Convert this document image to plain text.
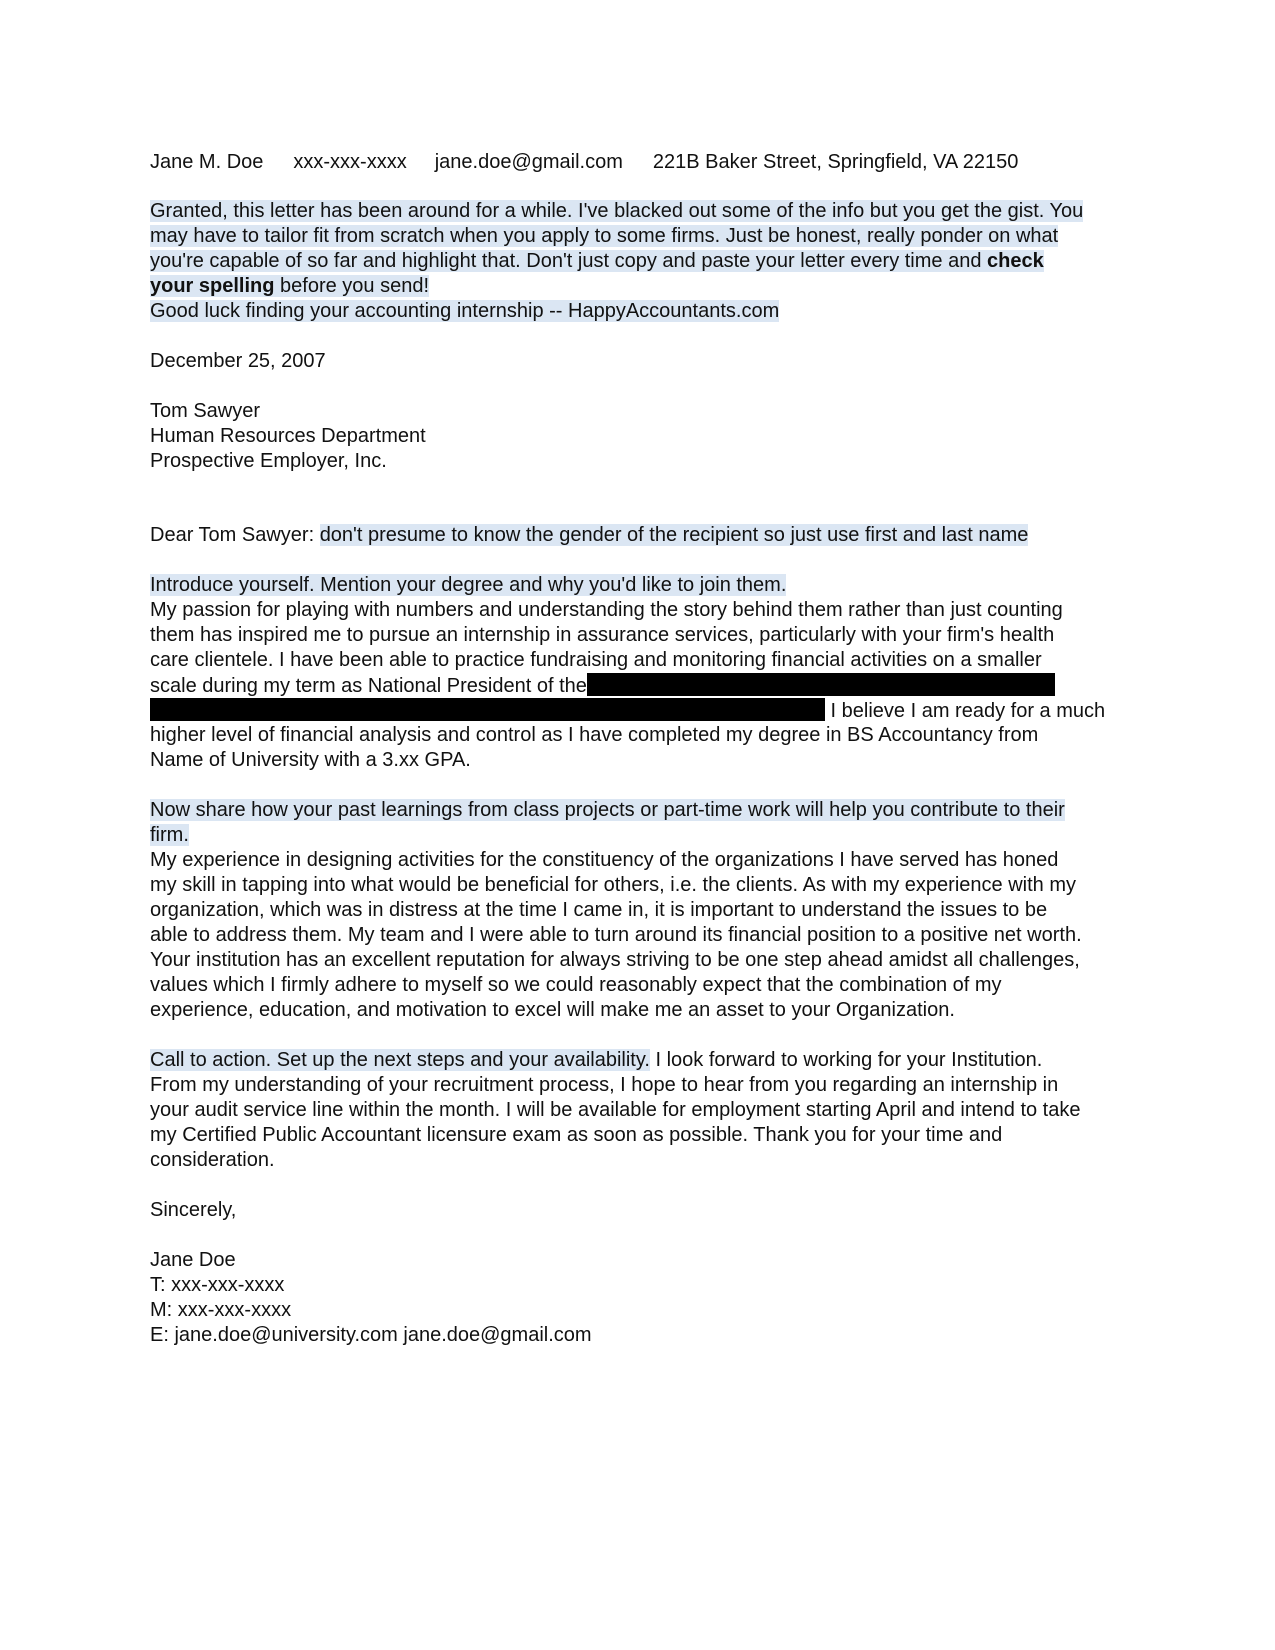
Jane M. Doe xxx-xxx-xxxx jane.doe@gmail.com 221B Baker Street, Springfield, VA 22150
Granted, this letter has been around for a while. I've blacked out some of the info but you get the gist. You
may have to tailor fit from scratch when you apply to some firms. Just be honest, really ponder on what
you're capable of so far and highlight that. Don't just copy and paste your letter every time and check
your spelling before you send!
Good luck finding your accounting internship -- HappyAccountants.com
December 25, 2007
Tom Sawyer
Human Resources Department
Prospective Employer, Inc.
Dear Tom Sawyer: don't presume to know the gender of the recipient so just use first and last name
Introduce yourself. Mention your degree and why you'd like to join them.
My passion for playing with numbers and understanding the story behind them rather than just counting
them has inspired me to pursue an internship in assurance services, particularly with your firm's health
care clientele. I have been able to practice fundraising and monitoring financial activities on a smaller
scale during my term as National President of the
I believe I am ready for a much
higher level of financial analysis and control as I have completed my degree in BS Accountancy from
Name of University with a 3.xx GPA.
Now share how your past learnings from class projects or part-time work will help you contribute to their
firm.
My experience in designing activities for the constituency of the organizations I have served has honed
my skill in tapping into what would be beneficial for others, i.e. the clients. As with my experience with my
organization, which was in distress at the time I came in, it is important to understand the issues to be
able to address them. My team and I were able to turn around its financial position to a positive net worth.
Your institution has an excellent reputation for always striving to be one step ahead amidst all challenges,
values which I firmly adhere to myself so we could reasonably expect that the combination of my
experience, education, and motivation to excel will make me an asset to your Organization.
Call to action. Set up the next steps and your availability. I look forward to working for your Institution.
From my understanding of your recruitment process, I hope to hear from you regarding an internship in
your audit service line within the month. I will be available for employment starting April and intend to take
my Certified Public Accountant licensure exam as soon as possible. Thank you for your time and
consideration.
Sincerely,
Jane Doe
T: xxx-xxx-xxxx
M: xxx-xxx-xxxx
E: jane.doe@university.com jane.doe@gmail.com
